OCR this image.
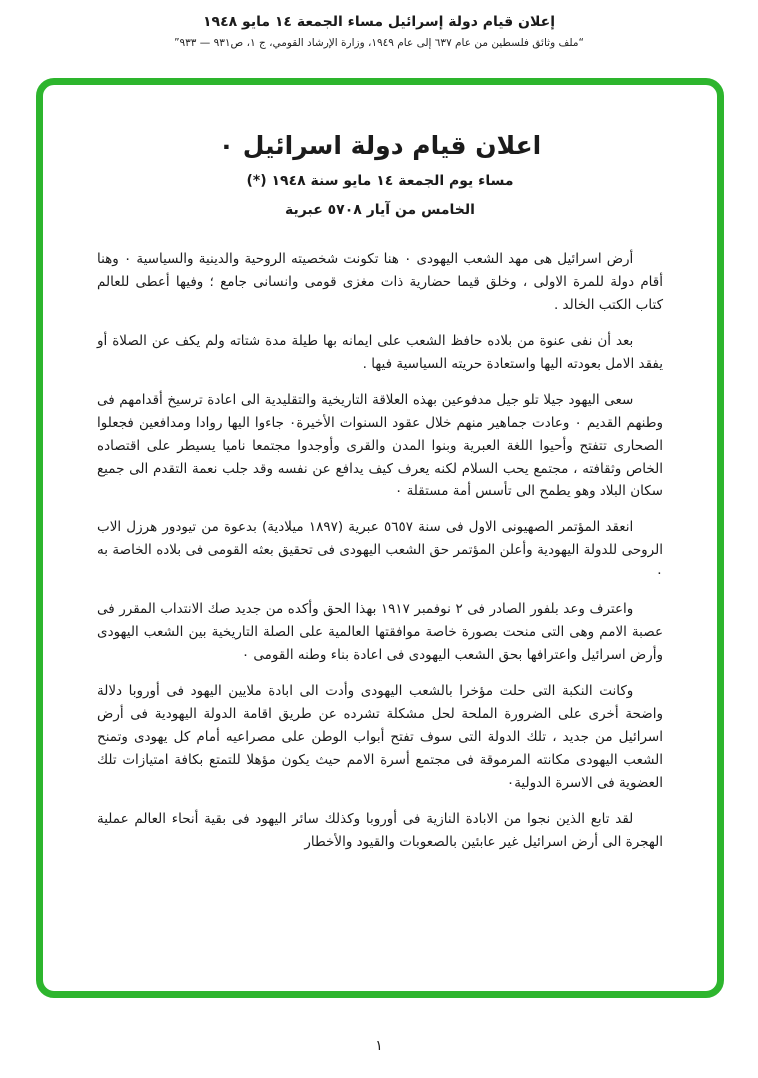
إعلان قيام دولة إسرائيل مساء الجمعة ١٤ مايو ١٩٤٨
“ملف وثائق فلسطين من عام ٦٣٧ إلى عام ١٩٤٩، وزارة الإرشاد القومي، ج ١، ص٩٣١ — ٩٣٣”
اعلان قيام دولة اسرائيل ٠
مساء يوم الجمعة ١٤ مايو سنة ١٩٤٨ (*)
الخامس من آيار ٥٧٠٨ عبرية

أرض اسرائيل هى مهد الشعب اليهودى ٠ هنا تكونت شخصيته الروحية والدينية والسياسية ٠ وهنا أقام دولة للمرة الاولى ، وخلق قيما حضارية ذات مغزى قومى وانسانى جامع ؛ وفيها أعطى للعالم كتاب الكتب الخالد .

بعد أن نفى عنوة من بلاده حافظ الشعب على ايمانه بها طيلة مدة شتاته ولم يكف عن الصلاة أو يفقد الامل بعودته اليها واستعادة حريته السياسية فيها .

سعى اليهود جيلا تلو جيل مدفوعين بهذه العلاقة التاريخية والتقليدية الى اعادة ترسيخ أقدامهم فى وطنهم القديم ٠ وعادت جماهير منهم خلال عقود السنوات الأخيرة٠ جاءوا اليها روادا ومدافعين فجعلوا الصحارى تتفتح وأحيوا اللغة العبرية وبنوا المدن والقرى وأوجدوا مجتمعا ناميا يسيطر على اقتصاده الخاص وثقافته ، مجتمع يحب السلام لكنه يعرف كيف يدافع عن نفسه وقد جلب نعمة التقدم الى جميع سكان البلاد وهو يطمح الى تأسس أمة مستقلة ٠

انعقد المؤتمر الصهيونى الاول فى سنة ٥٦٥٧ عبرية (١٨٩٧ ميلادية) بدعوة من تيودور هرزل الاب الروحى للدولة اليهودية وأعلن المؤتمر حق الشعب اليهودى فى تحقيق بعثه القومى فى بلاده الخاصة به ٠

واعترف وعد بلفور الصادر فى ٢ نوفمبر ١٩١٧ بهذا الحق وأكده من جديد صك الانتداب المقرر فى عصبة الامم وهى التى منحت بصورة خاصة موافقتها العالمية على الصلة التاريخية بين الشعب اليهودى وأرض اسرائيل واعترافها بحق الشعب اليهودى فى اعادة بناء وطنه القومى ٠

وكانت النكبة التى حلت مؤخرا بالشعب اليهودى وأدت الى ابادة ملايين اليهود فى أوروبا دلالة واضحة أخرى على الضرورة الملحة لحل مشكلة تشرده عن طريق اقامة الدولة اليهودية فى أرض اسرائيل من جديد ، تلك الدولة التى سوف تفتح أبواب الوطن على مصراعيه أمام كل يهودى وتمنح الشعب اليهودى مكانته المرموقة فى مجتمع أسرة الامم حيث يكون مؤهلا للتمتع بكافة امتيازات تلك العضوية فى الاسرة الدولية٠

لقد تابع الذين نجوا من الابادة النازية فى أوروبا وكذلك سائر اليهود فى بقية أنحاء العالم عملية الهجرة الى أرض اسرائيل غير عابئين بالصعوبات والقيود والأخطار

١
